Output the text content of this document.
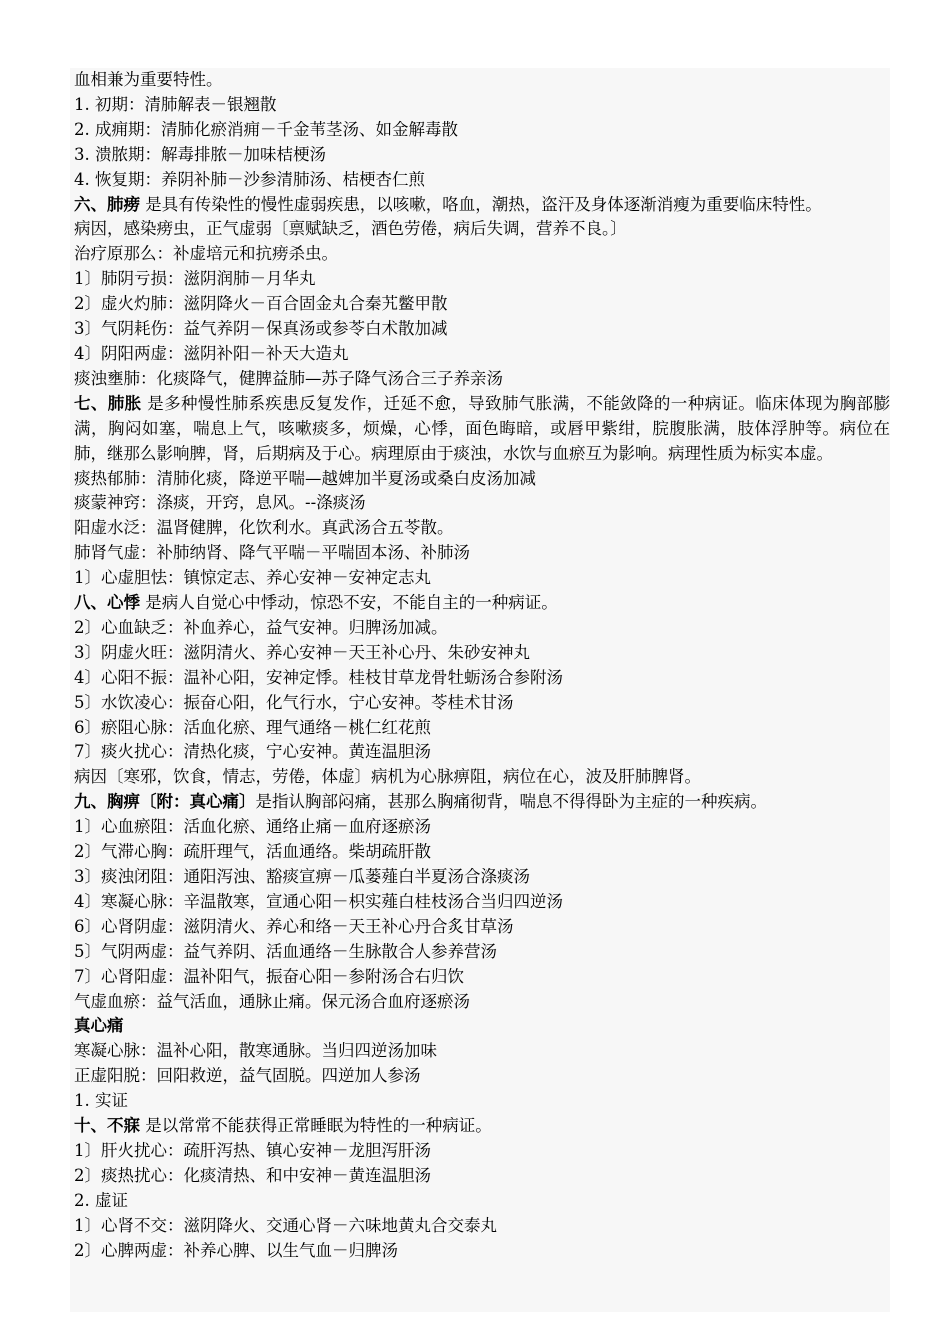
血相兼为重要特性。
1. 初期：清肺解表－银翘散
2. 成痈期：清肺化瘀消痈－千金苇茎汤、如金解毒散
3. 溃脓期：解毒排脓－加味桔梗汤
4. 恢复期：养阴补肺－沙参清肺汤、桔梗杏仁煎
六、肺痨 是具有传染性的慢性虚弱疾患，以咳嗽，咯血，潮热，盗汗及身体逐渐消瘦为重要临床特性。
病因，感染痨虫，正气虚弱〔禀赋缺乏，酒色劳倦，病后失调，营养不良。〕
治疗原那么：补虚培元和抗痨杀虫。
1〕肺阴亏损：滋阴润肺－月华丸
2〕虚火灼肺：滋阴降火－百合固金丸合秦艽鳖甲散
3〕气阴耗伤：益气养阴－保真汤或参苓白术散加减
4〕阴阳两虚：滋阴补阳－补天大造丸
痰浊壅肺：化痰降气，健脾益肺—苏子降气汤合三子养亲汤
七、肺胀 是多种慢性肺系疾患反复发作，迁延不愈，导致肺气胀满，不能敛降的一种病证。临床体现为胸部膨满，胸闷如塞，喘息上气，咳嗽痰多，烦燥，心悸，面色晦暗，或唇甲紫绀，脘腹胀满，肢体浮肿等。病位在肺，继那么影响脾，肾，后期病及于心。病理原由于痰浊，水饮与血瘀互为影响。病理性质为标实本虚。
痰热郁肺：清肺化痰，降逆平喘—越婢加半夏汤或桑白皮汤加减
痰蒙神窍：涤痰，开窍，息风。--涤痰汤
阳虚水泛：温肾健脾，化饮利水。真武汤合五苓散。
肺肾气虚：补肺纳肾、降气平喘－平喘固本汤、补肺汤
1〕心虚胆怯：镇惊定志、养心安神－安神定志丸
八、心悸 是病人自觉心中悸动，惊恐不安，不能自主的一种病证。
2〕心血缺乏：补血养心，益气安神。归脾汤加减。
3〕阴虚火旺：滋阴清火、养心安神－天王补心丹、朱砂安神丸
4〕心阳不振：温补心阳，安神定悸。桂枝甘草龙骨牡蛎汤合参附汤
5〕水饮凌心：振奋心阳，化气行水，宁心安神。苓桂术甘汤
6〕瘀阻心脉：活血化瘀、理气通络－桃仁红花煎
7〕痰火扰心：清热化痰，宁心安神。黄连温胆汤
病因〔寒邪，饮食，情志，劳倦，体虚〕病机为心脉痹阻，病位在心，波及肝肺脾肾。
九、胸痹〔附：真心痛〕是指认胸部闷痛，甚那么胸痛彻背，喘息不得得卧为主症的一种疾病。
1〕心血瘀阻：活血化瘀、通络止痛－血府逐瘀汤
2〕气滞心胸：疏肝理气，活血通络。柴胡疏肝散
3〕痰浊闭阻：通阳泻浊、豁痰宣痹－瓜蒌薤白半夏汤合涤痰汤
4〕寒凝心脉：辛温散寒，宣通心阳－枳实薤白桂枝汤合当归四逆汤
6〕心肾阴虚：滋阴清火、养心和络－天王补心丹合炙甘草汤
5〕气阴两虚：益气养阴、活血通络－生脉散合人参养营汤
7〕心肾阳虚：温补阳气，振奋心阳－参附汤合右归饮
气虚血瘀：益气活血，通脉止痛。保元汤合血府逐瘀汤
真心痛
寒凝心脉：温补心阳，散寒通脉。当归四逆汤加味
正虚阳脱：回阳救逆，益气固脱。四逆加人参汤
1. 实证
十、不寐 是以常常不能获得正常睡眠为特性的一种病证。
1〕肝火扰心：疏肝泻热、镇心安神－龙胆泻肝汤
2〕痰热扰心：化痰清热、和中安神－黄连温胆汤
2. 虚证
1〕心肾不交：滋阴降火、交通心肾－六味地黄丸合交泰丸
2〕心脾两虚：补养心脾、以生气血－归脾汤
